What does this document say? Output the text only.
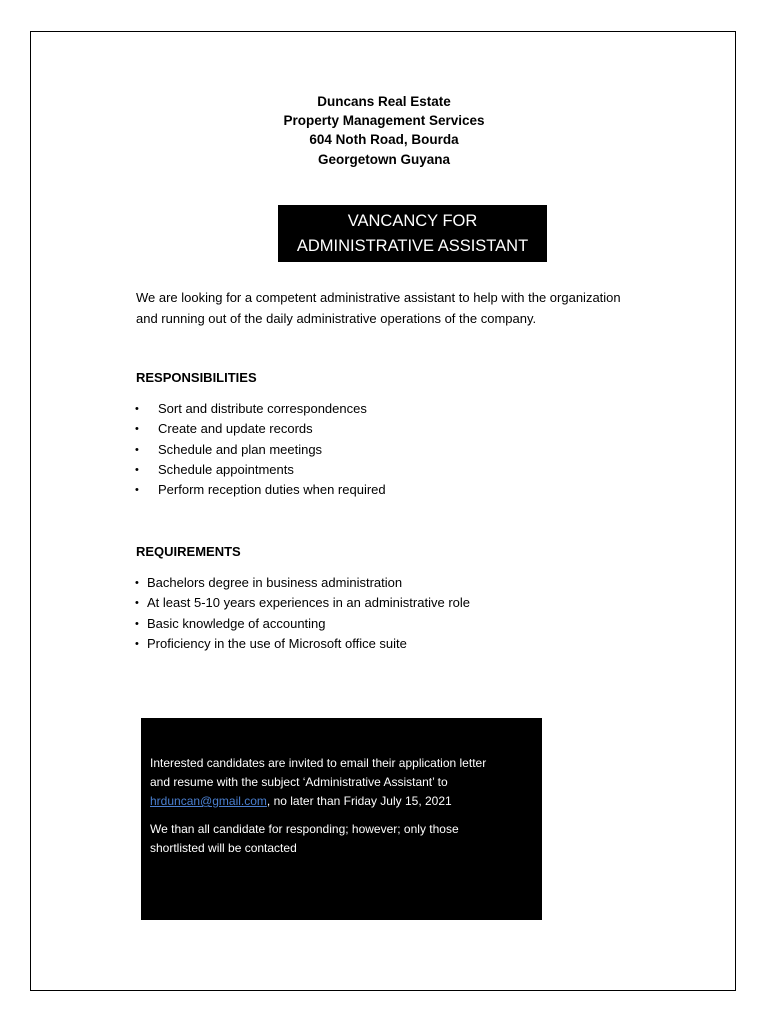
Duncans Real Estate
Property Management Services
604 Noth Road, Bourda
Georgetown Guyana
VANCANCY FOR
ADMINISTRATIVE ASSISTANT
We are looking for a competent administrative assistant to help with the organization
and running out of the daily administrative operations of the company.
RESPONSIBILITIES
• Sort and distribute correspondences
• Create and update records
• Schedule and plan meetings
• Schedule appointments
• Perform reception duties when required
REQUIREMENTS
• Bachelors degree in business administration
• At least 5-10 years experiences in an administrative role
• Basic knowledge of accounting
• Proficiency in the use of Microsoft office suite

Interested candidates are invited to email their application letter
and resume with the subject ‘Administrative Assistant’ to
hrduncan@gmail.com, no later than Friday July 15, 2021

We than all candidate for responding; however; only those
shortlisted will be contacted
